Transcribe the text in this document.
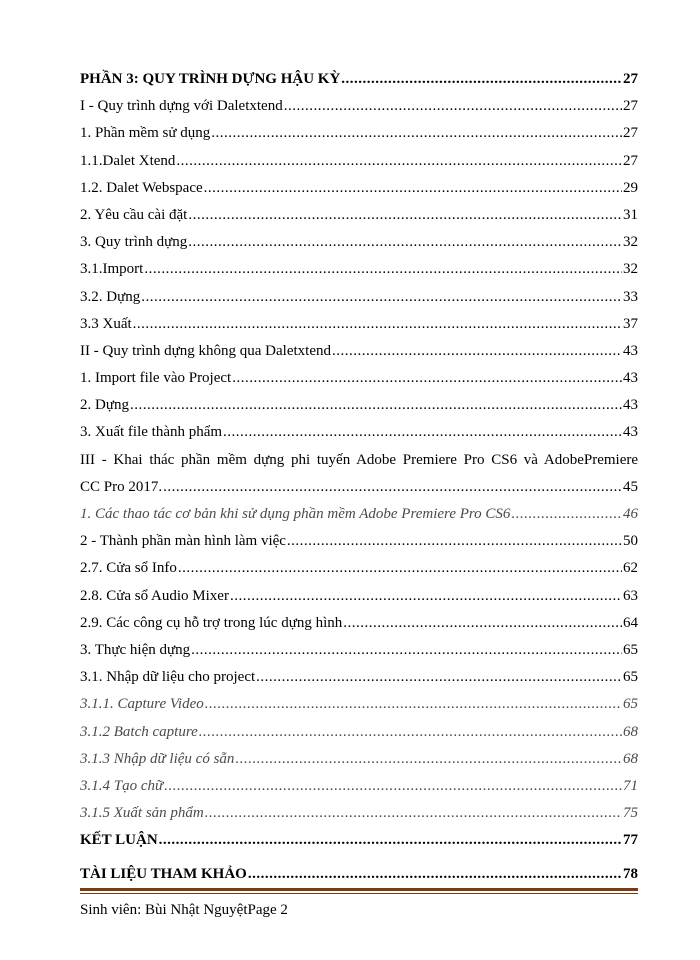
PHẦN 3: QUY TRÌNH DỰNG HẬU KỲ .....	27
I - Quy trình dựng với Daletxtend .....	27
1. Phần mềm sử dụng .....	27
1.1.Dalet Xtend .....	27
1.2. Dalet Webspace .....	29
2. Yêu cầu cài đặt .....	31
3. Quy trình dựng .....	32
3.1.Import .....	32
3.2. Dựng .....	33
3.3 Xuất .....	37
II - Quy trình dựng không qua Daletxtend .....	43
1. Import file vào Project .....	43
2. Dựng .....	43
3. Xuất file thành phẩm .....	43
III - Khai thác phần mềm dựng phi tuyến Adobe Premiere Pro CS6 và AdobePremiere
CC Pro 2017. .....	45
1. Các thao tác cơ bản khi sử dụng phần mềm Adobe Premiere Pro CS6 .....	46
2 - Thành phần màn hình làm việc .....	50
2.7. Cửa sổ Info .....	62
2.8. Cửa sổ Audio Mixer .....	63
2.9. Các công cụ hỗ trợ trong lúc dựng hình .....	64
3. Thực hiện dựng .....	65
3.1. Nhập dữ liệu cho project .....	65
3.1.1. Capture Video .....	65
3.1.2 Batch capture .....	68
3.1.3 Nhập dữ liệu có sẵn .....	68
3.1.4 Tạo chữ .....	71
3.1.5 Xuất sản phẩm .....	75
KẾT LUẬN .....	77
TÀI LIỆU THAM KHẢO .....	78
Sinh viên: Bùi Nhật NguyệtPage 2
